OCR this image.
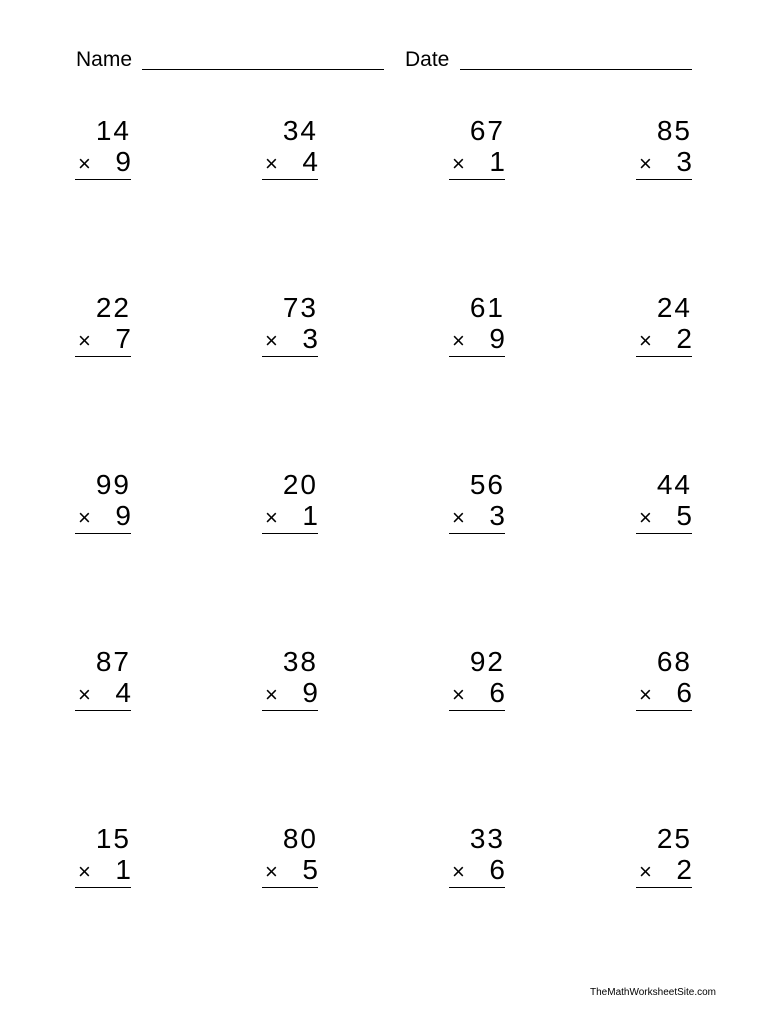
Name	Date
14
× 9
34
× 4
67
× 1
85
× 3
22
× 7
73
× 3
61
× 9
24
× 2
99
× 9
20
× 1
56
× 3
44
× 5
87
× 4
38
× 9
92
× 6
68
× 6
15
× 1
80
× 5
33
× 6
25
× 2
TheMathWorksheetSite.com
